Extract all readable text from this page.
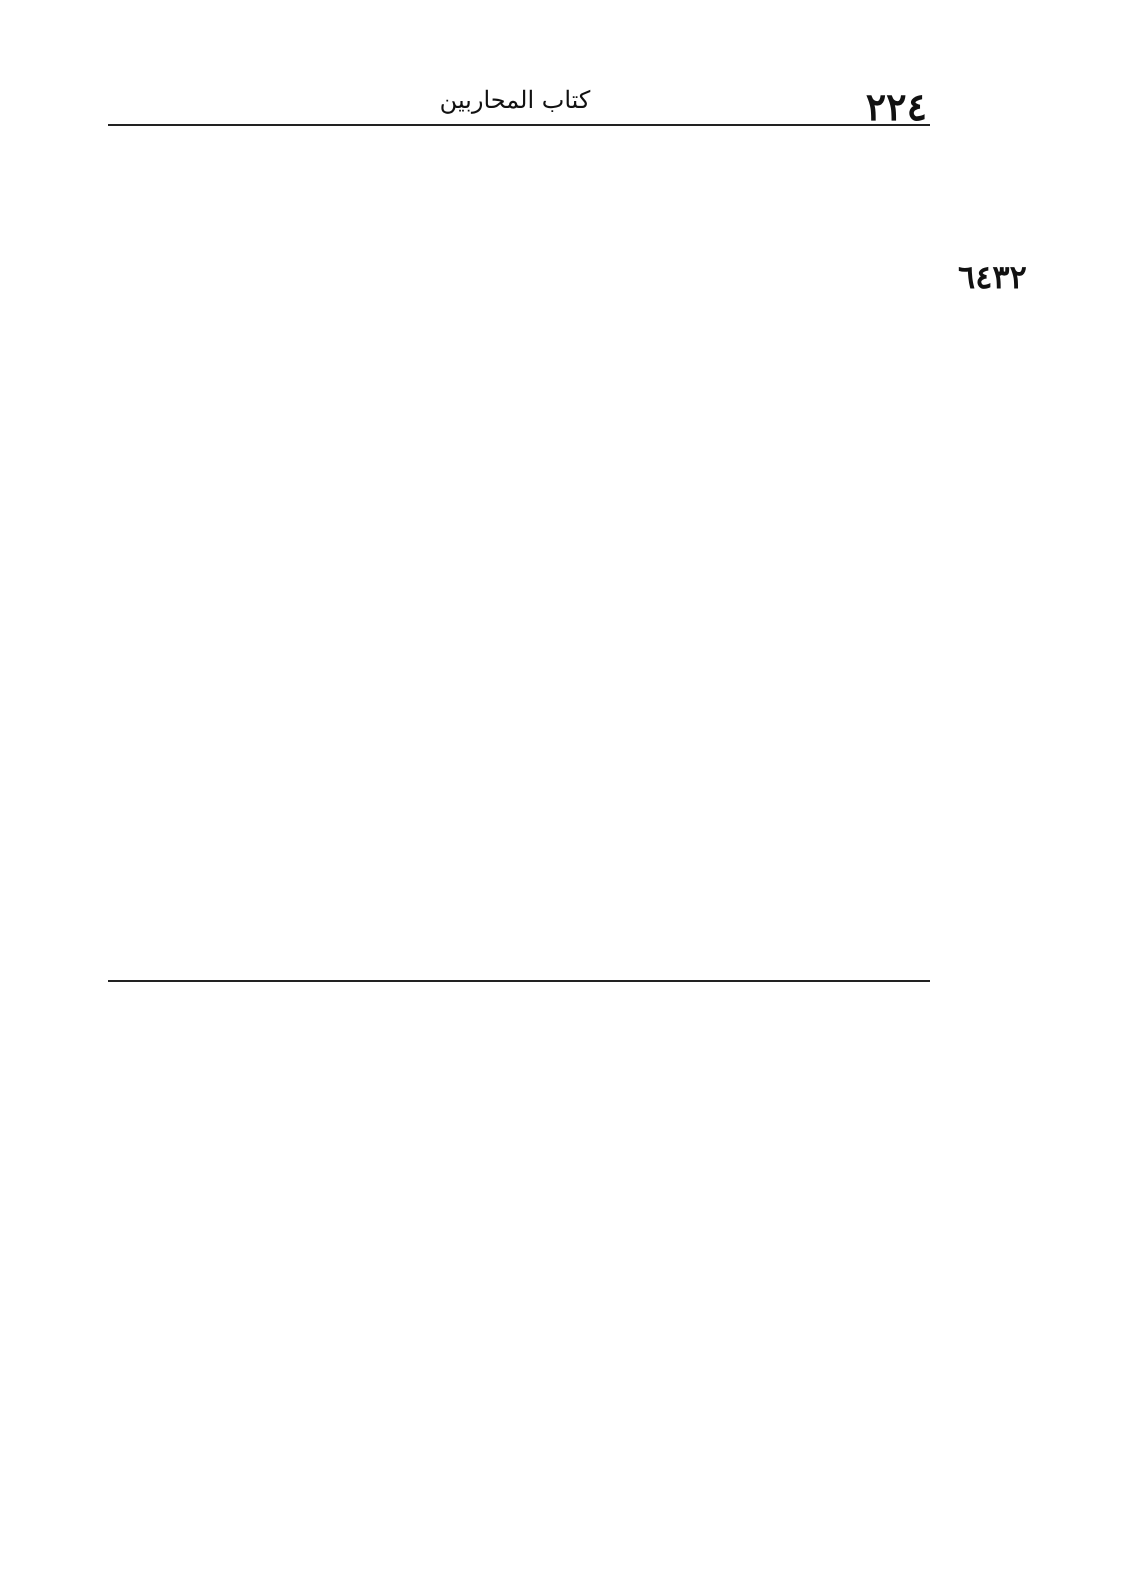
٢٢٤
كتاب المحاربين
٦٤٣٢
